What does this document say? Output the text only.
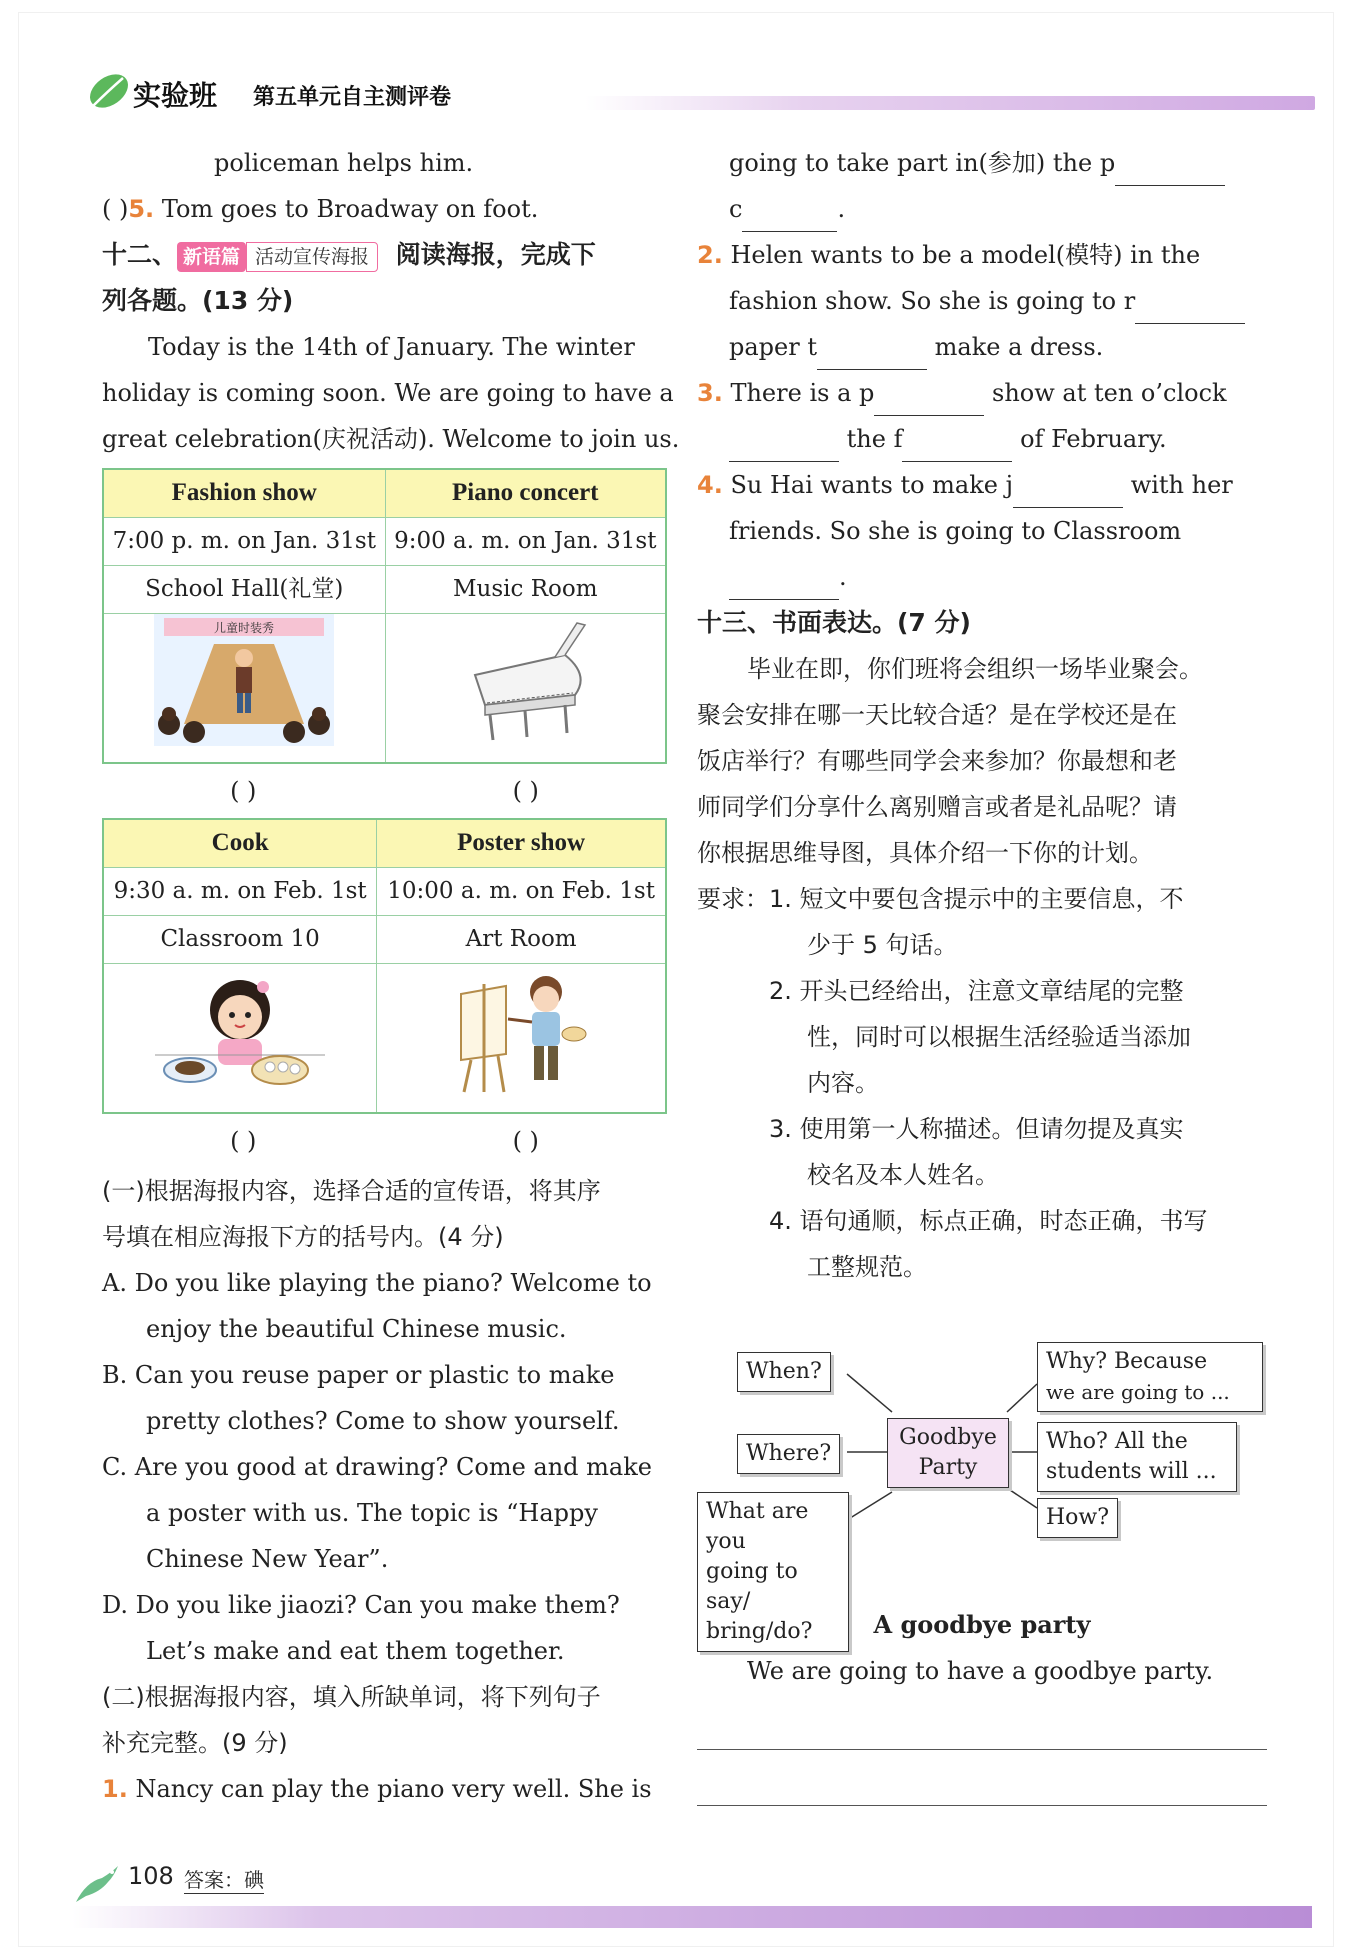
实验班 第五单元自主测评卷
policeman helps him.
( )5. Tom goes to Broadway on foot.
十二、 新语篇 活动宣传海报 阅读海报，完成下
列各题。(13 分)
Today is the 14th of January. The winter
holiday is coming soon. We are going to have a
great celebration(庆祝活动). Welcome to join us.
Fashion show	Piano concert
7:00 p. m. on Jan. 31st	9:00 a. m. on Jan. 31st
School Hall(礼堂)	Music Room

儿童时装秀

( )	( )
Cook	Poster show
9:30 a. m. on Feb. 1st	10:00 a. m. on Feb. 1st
Classroom 10	Art Room

( )	( )
(一)根据海报内容，选择合适的宣传语，将其序
号填在相应海报下方的括号内。(4 分)
A. Do you like playing the piano? Welcome to
enjoy the beautiful Chinese music.
B. Can you reuse paper or plastic to make
pretty clothes? Come to show yourself.
C. Are you good at drawing? Come and make
a poster with us. The topic is “Happy
Chinese New Year”.
D. Do you like jiaozi? Can you make them?
Let’s make and eat them together.
(二)根据海报内容，填入所缺单词，将下列句子
补充完整。(9 分)
1. Nancy can play the piano very well. She is
going to take part in(参加) the p
c	.
2. Helen wants to be a model(模特) in the
fashion show. So she is going to r
paper t	make a dress.
3. There is a p	show at ten o’clock
the f	of February.
4. Su Hai wants to make j	with her
friends. So she is going to Classroom
.
十三、书面表达。(7 分)
毕业在即，你们班将会组织一场毕业聚会。
聚会安排在哪一天比较合适？是在学校还是在
饭店举行？有哪些同学会来参加？你最想和老
师同学们分享什么离别赠言或者是礼品呢？请
你根据思维导图，具体介绍一下你的计划。
要求：1. 短文中要包含提示中的主要信息，不
少于 5 句话。
2. 开头已经给出，注意文章结尾的完整
性，同时可以根据生活经验适当添加
内容。
3. 使用第一人称描述。但请勿提及真实
校名及本人姓名。
4. 语句通顺，标点正确，时态正确，书写
工整规范。
When?
Where?
What are you
going to say/
bring/do?
Goodbye
Party
Why? Because
we are going to ...
Who? All the
students will ...
How?
A goodbye party
We are going to have a goodbye party.
108 答案：碘
